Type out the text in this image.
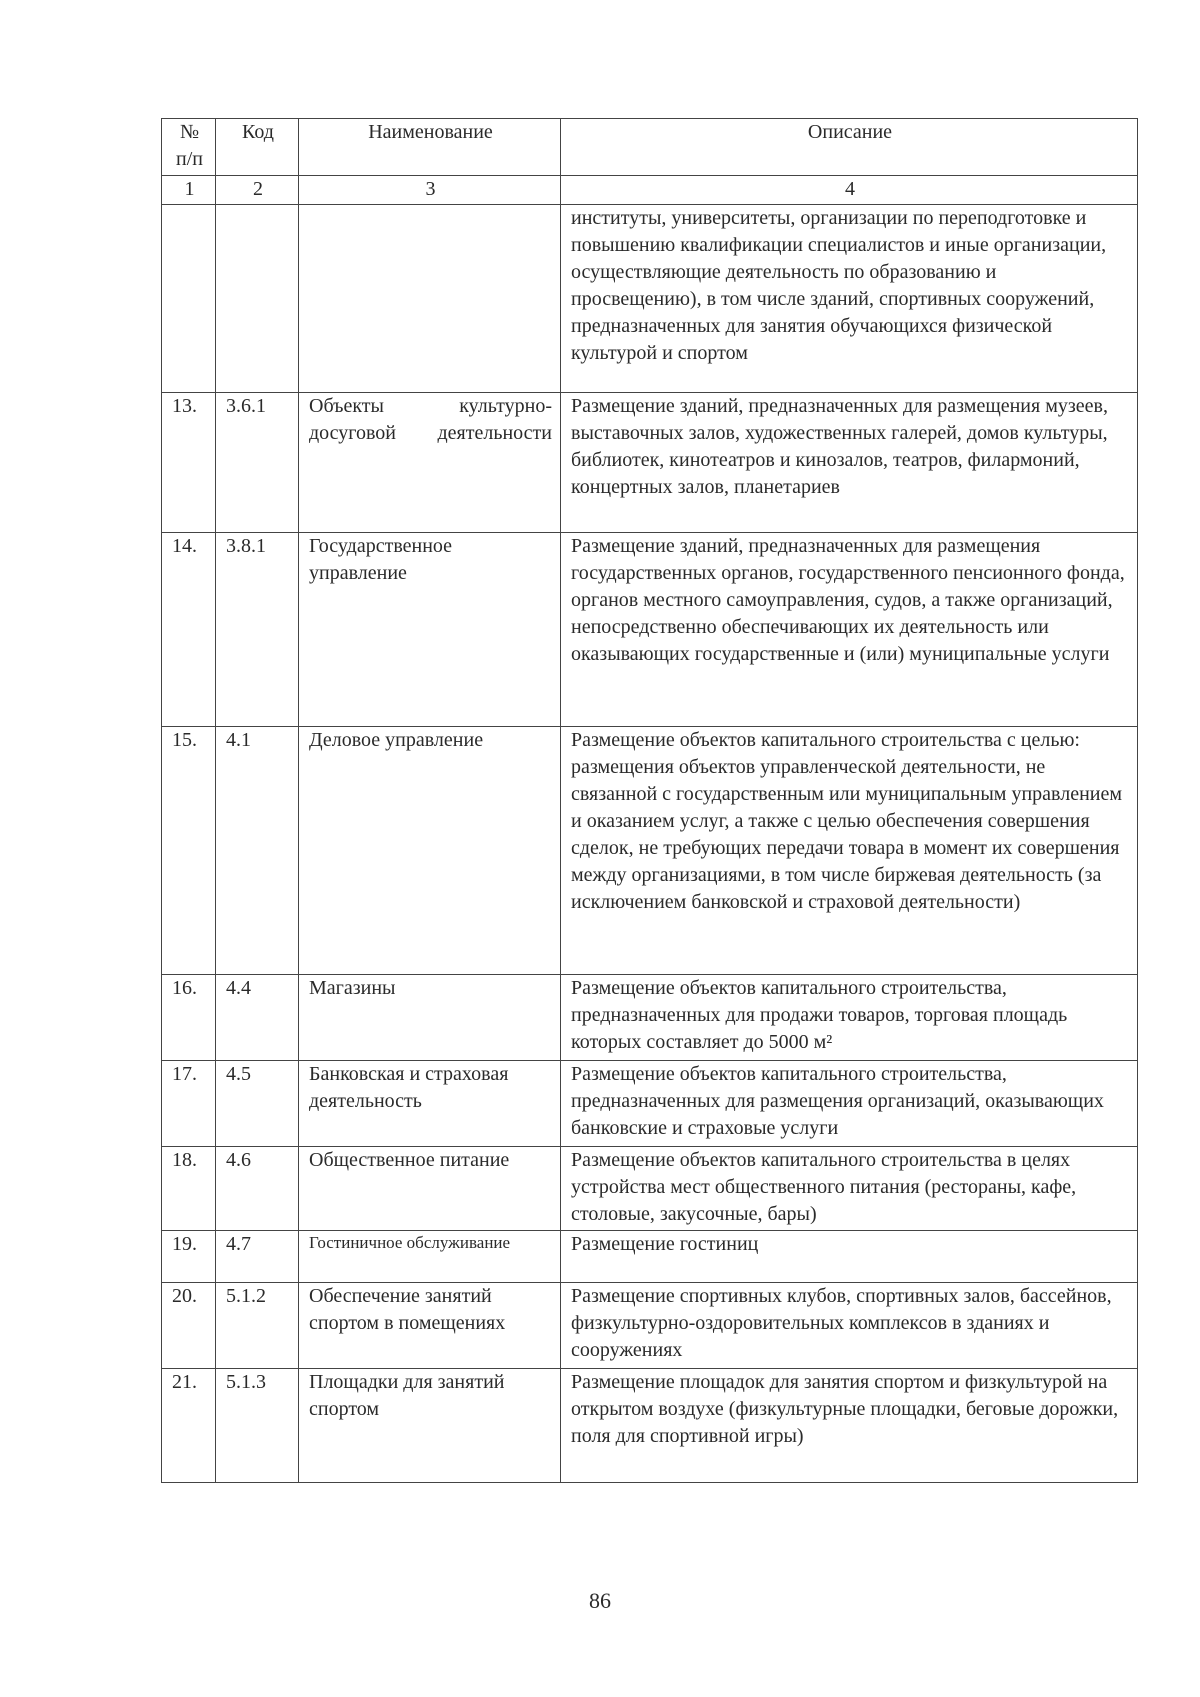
№ п/п	Код	Наименование	Описание
1	2	3	4
			институты, университеты, организации по переподготовке и повышению квалификации специалистов и иные организации, осуществляющие деятельность по образованию и просвещению), в том числе зданий, спортивных сооружений, предназначенных для занятия обучающихся физической культурой и спортом
13.	3.6.1	Объекты культурно-досуговой деятельности	Размещение зданий, предназначенных для размещения музеев, выставочных залов, художественных галерей, домов культуры, библиотек, кинотеатров и кинозалов, театров, филармоний, концертных залов, планетариев
14.	3.8.1	Государственное управление	Размещение зданий, предназначенных для размещения государственных органов, государственного пенсионного фонда, органов местного самоуправления, судов, а также организаций, непосредственно обеспечивающих их деятельность или оказывающих государственные и (или) муниципальные услуги
15.	4.1	Деловое управление	Размещение объектов капитального строительства с целью: размещения объектов управленческой деятельности, не связанной с государственным или муниципальным управлением и оказанием услуг, а также с целью обеспечения совершения сделок, не требующих передачи товара в момент их совершения между организациями, в том числе биржевая деятельность (за исключением банковской и страховой деятельности)
16.	4.4	Магазины	Размещение объектов капитального строительства, предназначенных для продажи товаров, торговая площадь которых составляет до 5000 м²
17.	4.5	Банковская и страховая деятельность	Размещение объектов капитального строительства, предназначенных для размещения организаций, оказывающих банковские и страховые услуги
18.	4.6	Общественное питание	Размещение объектов капитального строительства в целях устройства мест общественного питания (рестораны, кафе, столовые, закусочные, бары)
19.	4.7	Гостиничное обслуживание	Размещение гостиниц
20.	5.1.2	Обеспечение занятий спортом в помещениях	Размещение спортивных клубов, спортивных залов, бассейнов, физкультурно-оздоровительных комплексов в зданиях и сооружениях
21.	5.1.3	Площадки для занятий спортом	Размещение площадок для занятия спортом и физкультурой на открытом воздухе (физкультурные площадки, беговые дорожки, поля для спортивной игры)
86
